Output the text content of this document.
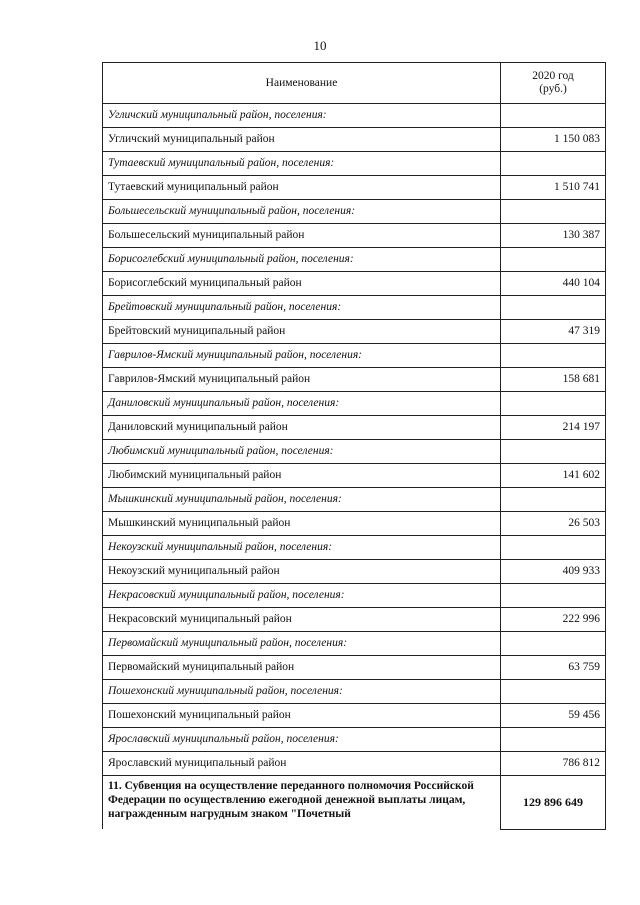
10
Наименование	2020 год
(руб.)
Угличский муниципальный район, поселения:	
Угличский муниципальный район	1 150 083
Тутаевский муниципальный район, поселения:	
Тутаевский муниципальный район	1 510 741
Большесельский муниципальный район, поселения:	
Большесельский муниципальный район	130 387
Борисоглебский муниципальный район, поселения:	
Борисоглебский муниципальный район	440 104
Брейтовский муниципальный район, поселения:	
Брейтовский муниципальный район	47 319
Гаврилов-Ямский муниципальный район, поселения:	
Гаврилов-Ямский муниципальный район	158 681
Даниловский муниципальный район, поселения:	
Даниловский муниципальный район	214 197
Любимский муниципальный район, поселения:	
Любимский муниципальный район	141 602
Мышкинский муниципальный район, поселения:	
Мышкинский муниципальный район	26 503
Некоузский муниципальный район, поселения:	
Некоузский муниципальный район	409 933
Некрасовский муниципальный район, поселения:	
Некрасовский муниципальный район	222 996
Первомайский муниципальный район, поселения:	
Первомайский муниципальный район	63 759
Пошехонский муниципальный район, поселения:	
Пошехонский муниципальный район	59 456
Ярославский муниципальный район, поселения:	
Ярославский муниципальный район	786 812
11. Субвенция на осуществление переданного полномочия Российской Федерации по осуществлению ежегодной денежной выплаты лицам, награжденным нагрудным знаком "Почетный	129 896 649
